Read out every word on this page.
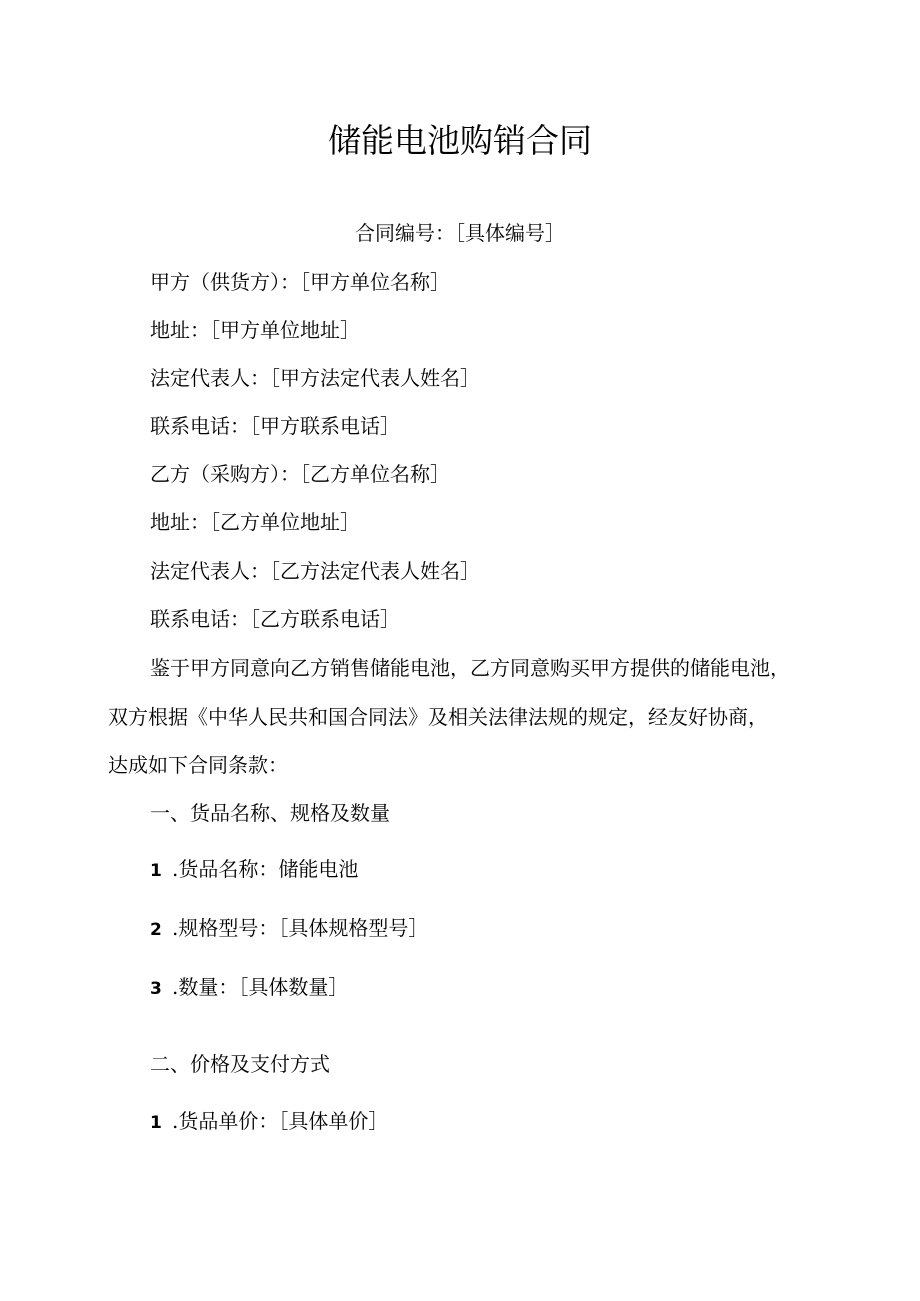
储能电池购销合同
合同编号：［具体编号］
甲方（供货方）：［甲方单位名称］
地址：［甲方单位地址］
法定代表人：［甲方法定代表人姓名］
联系电话：［甲方联系电话］
乙方（采购方）：［乙方单位名称］
地址：［乙方单位地址］
法定代表人：［乙方法定代表人姓名］
联系电话：［乙方联系电话］
鉴于甲方同意向乙方销售储能电池，乙方同意购买甲方提供的储能电池，
双方根据《中华人民共和国合同法》及相关法律法规的规定，经友好协商，
达成如下合同条款：
一、货品名称、规格及数量
1 .货品名称：储能电池
2 .规格型号：［具体规格型号］
3 .数量：［具体数量］
二、价格及支付方式
1 .货品单价：［具体单价］
